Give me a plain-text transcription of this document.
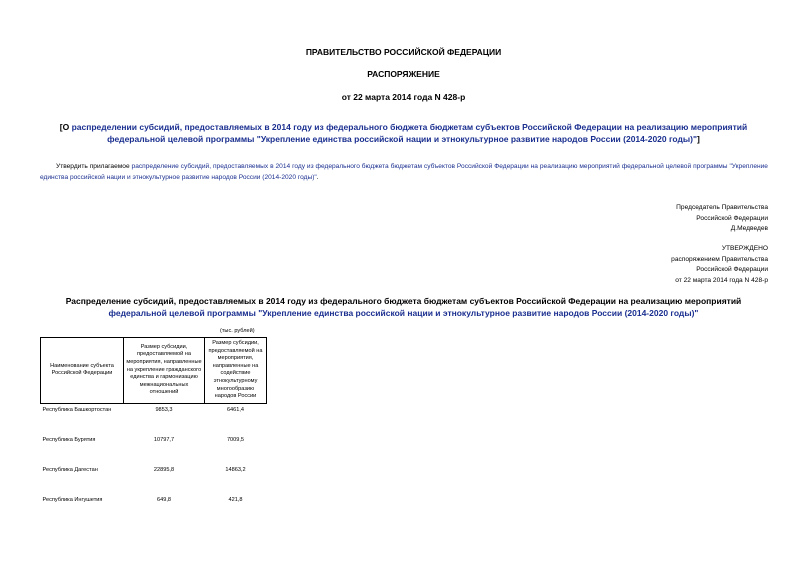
ПРАВИТЕЛЬСТВО РОССИЙСКОЙ ФЕДЕРАЦИИ
РАСПОРЯЖЕНИЕ
от 22 марта 2014 года N 428-р
[О распределении субсидий, предоставляемых в 2014 году из федерального бюджета бюджетам субъектов Российской Федерации на реализацию мероприятий федеральной целевой программы "Укрепление единства российской нации и этнокультурное развитие народов России (2014-2020 годы)"]
Утвердить прилагаемое распределение субсидий, предоставляемых в 2014 году из федерального бюджета бюджетам субъектов Российской Федерации на реализацию мероприятий федеральной целевой программы "Укрепление единства российской нации и этнокультурное развитие народов России (2014-2020 годы)".
Председатель Правительства
Российской Федерации
Д.Медведев
УТВЕРЖДЕНО
распоряжением Правительства
Российской Федерации
от 22 марта 2014 года N 428-р
Распределение субсидий, предоставляемых в 2014 году из федерального бюджета бюджетам субъектов Российской Федерации на реализацию мероприятий федеральной целевой программы "Укрепление единства российской нации и этнокультурное развитие народов России (2014-2020 годы)"
(тыс. рублей)
Наименование субъекта Российской Федерации	Размер субсидии, предоставляемой на мероприятия, направленные на укрепление гражданского единства и гармонизацию межнациональных отношений	Размер субсидии, предоставляемой на мероприятия, направленные на содействие этнокультурному многообразию народов России
Республика Башкортостан	9853,3	6461,4
Республика Бурятия	10797,7	7009,5
Республика Дагестан	22895,8	14863,2
Республика Ингушетия	649,8	421,8
